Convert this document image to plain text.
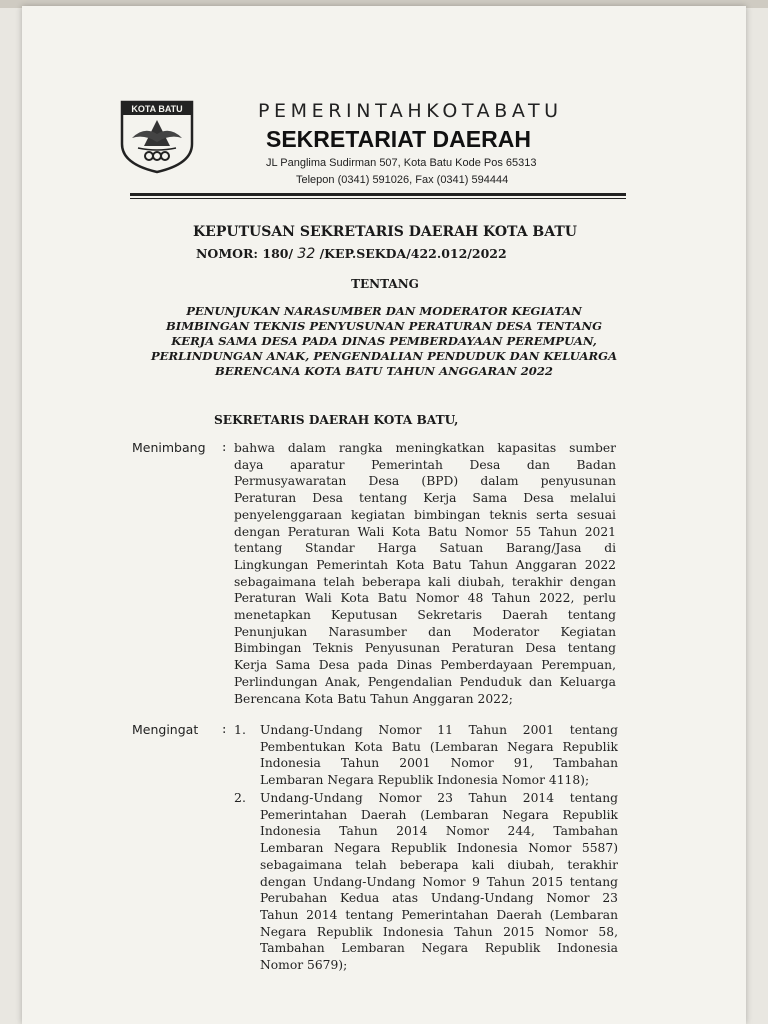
KOTA BATU	PEMERINTAHKOTABATU
SEKRETARIAT DAERAH
JL Panglima Sudirman 507, Kota Batu Kode Pos 65313
Telepon (0341) 591026, Fax (0341) 594444
KEPUTUSAN SEKRETARIS DAERAH KOTA BATU
NOMOR: 180/ 32 /KEP.SEKDA/422.012/2022
TENTANG
PENUNJUKAN NARASUMBER DAN MODERATOR KEGIATAN
BIMBINGAN TEKNIS PENYUSUNAN PERATURAN DESA TENTANG
KERJA SAMA DESA PADA DINAS PEMBERDAYAAN PEREMPUAN,
PERLINDUNGAN ANAK, PENGENDALIAN PENDUDUK DAN KELUARGA
BERENCANA KOTA BATU TAHUN ANGGARAN 2022
SEKRETARIS DAERAH KOTA BATU,
Menimbang : bahwa dalam rangka meningkatkan kapasitas sumber
daya aparatur Pemerintah Desa dan Badan
Permusyawaratan Desa (BPD) dalam penyusunan
Peraturan Desa tentang Kerja Sama Desa melalui
penyelenggaraan kegiatan bimbingan teknis serta sesuai
dengan Peraturan Wali Kota Batu Nomor 55 Tahun 2021
tentang Standar Harga Satuan Barang/Jasa di
Lingkungan Pemerintah Kota Batu Tahun Anggaran 2022
sebagaimana telah beberapa kali diubah, terakhir dengan
Peraturan Wali Kota Batu Nomor 48 Tahun 2022, perlu
menetapkan Keputusan Sekretaris Daerah tentang
Penunjukan Narasumber dan Moderator Kegiatan
Bimbingan Teknis Penyusunan Peraturan Desa tentang
Kerja Sama Desa pada Dinas Pemberdayaan Perempuan,
Perlindungan Anak, Pengendalian Penduduk dan Keluarga
Berencana Kota Batu Tahun Anggaran 2022;
Mengingat : 1. Undang-Undang Nomor 11 Tahun 2001 tentang
Pembentukan Kota Batu (Lembaran Negara Republik
Indonesia Tahun 2001 Nomor 91, Tambahan
Lembaran Negara Republik Indonesia Nomor 4118);
2. Undang-Undang Nomor 23 Tahun 2014 tentang
Pemerintahan Daerah (Lembaran Negara Republik
Indonesia Tahun 2014 Nomor 244, Tambahan
Lembaran Negara Republik Indonesia Nomor 5587)
sebagaimana telah beberapa kali diubah, terakhir
dengan Undang-Undang Nomor 9 Tahun 2015 tentang
Perubahan Kedua atas Undang-Undang Nomor 23
Tahun 2014 tentang Pemerintahan Daerah (Lembaran
Negara Republik Indonesia Tahun 2015 Nomor 58,
Tambahan Lembaran Negara Republik Indonesia
Nomor 5679);
